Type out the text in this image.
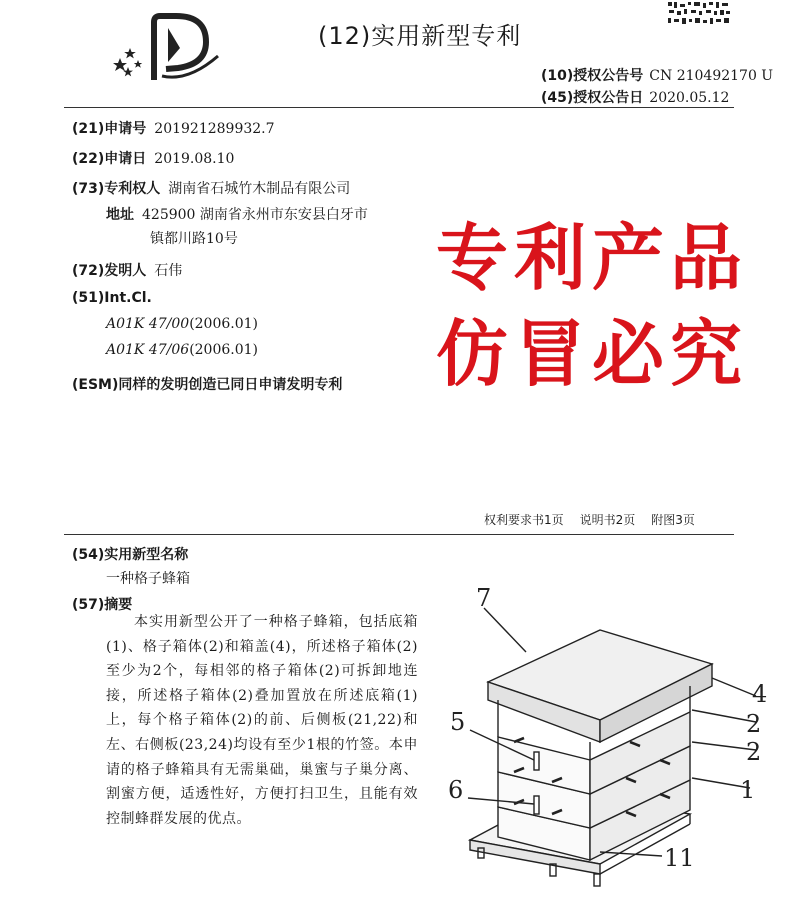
(12)实用新型专利
(10)授权公告号 CN 210492170 U
(45)授权公告日 2020.05.12
(21)申请号 201921289932.7
(22)申请日 2019.08.10
(73)专利权人 湖南省石城竹木制品有限公司
地址 425900 湖南省永州市东安县白牙市
镇都川路10号
(72)发明人 石伟
(51)Int.Cl.
A01K 47/00(2006.01)
A01K 47/06(2006.01)
(ESM)同样的发明创造已同日申请发明专利
专利产品
仿冒必究
权利要求书1页 说明书2页 附图3页
(54)实用新型名称
一种格子蜂箱
(57)摘要
本实用新型公开了一种格子蜂箱，包括底箱(1)、格子箱体(2)和箱盖(4)，所述格子箱体(2)至少为2个，每相邻的格子箱体(2)可拆卸地连接，所述格子箱体(2)叠加置放在所述底箱(1)上，每个格子箱体(2)的前、后侧板(21,22)和左、右侧板(23,24)均设有至少1根的竹签。本申请的格子蜂箱具有无需巢础，巢蜜与子巢分离、割蜜方便，适透性好，方便打扫卫生，且能有效控制蜂群发展的优点。
7
4
2
2
1
5
6
11
